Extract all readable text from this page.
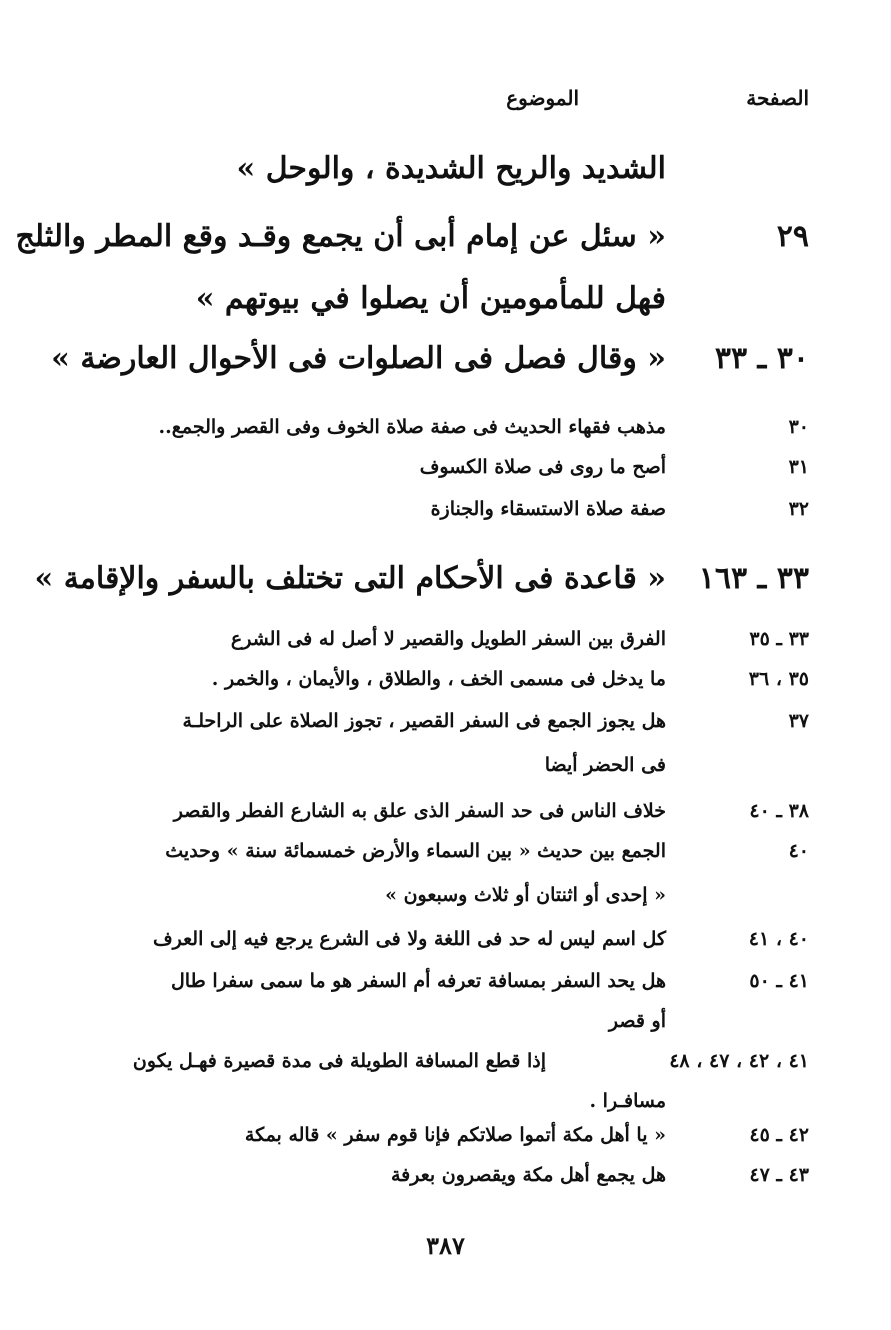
الصفحة
الموضوع
الشديد والريح الشديدة ، والوحل »
٢٩
« سئل عن إمام أبى أن يجمع وقـد وقع المطر والثلج
فهل للمأمومين أن يصلوا في بيوتهم »
٣٠ ـ ٣٣
« وقال فصل فى الصلوات فى الأحوال العارضة »
٣٠
مذهب فقهاء الحديث فى صفة صلاة الخوف وفى القصر والجمع..
٣١
أصح ما روى فى صلاة الكسوف
٣٢
صفة صلاة الاستسقاء والجنازة
٣٣ ـ ١٦٣
« قاعدة فى الأحكام التى تختلف بالسفر والإقامة »
٣٣ ـ ٣٥
الفرق بين السفر الطويل والقصير لا أصل له فى الشرع
٣٥ ، ٣٦
ما يدخل فى مسمى الخف ، والطلاق ، والأيمان ، والخمر .
٣٧
هل يجوز الجمع فى السفر القصير ، تجوز الصلاة على الراحلـة
فى الحضر أيضا
٣٨ ـ ٤٠
خلاف الناس فى حد السفر الذى علق به الشارع الفطر والقصر
٤٠
الجمع بين حديث « بين السماء والأرض خمسمائة سنة » وحديث
« إحدى أو اثنتان أو ثلاث وسبعون »
٤٠ ، ٤١
كل اسم ليس له حد فى اللغة ولا فى الشرع يرجع فيه إلى العرف
٤١ ـ ٥٠
هل يحد السفر بمسافة تعرفه أم السفر هو ما سمى سفرا طال
أو قصر
٤١ ، ٤٢ ، ٤٧ ، ٤٨
إذا قطع المسافة الطويلة فى مدة قصيرة فهـل يكون
مسافـرا .
٤٢ ـ ٤٥
« يا أهل مكة أتموا صلاتكم فإنا قوم سفر » قاله بمكة
٤٣ ـ ٤٧
هل يجمع أهل مكة ويقصرون بعرفة
٣٨٧
